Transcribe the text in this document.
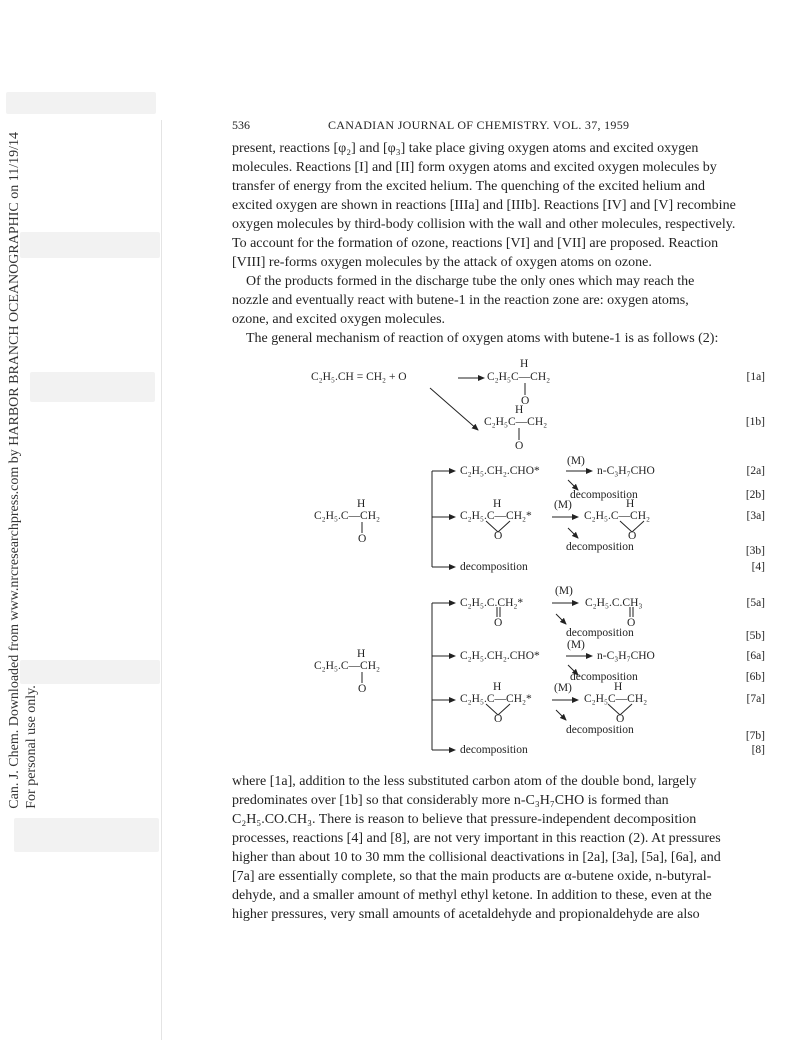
Can. J. Chem. Downloaded from www.nrcresearchpress.com by HARBOR BRANCH OCEANOGRAPHIC on 11/19/14 For personal use only.
536	CANADIAN JOURNAL OF CHEMISTRY. VOL. 37, 1959
present, reactions [φ₂] and [φ₃] take place giving oxygen atoms and excited oxygen
molecules. Reactions [I] and [II] form oxygen atoms and excited oxygen molecules by
transfer of energy from the excited helium. The quenching of the excited helium and
excited oxygen are shown in reactions [IIIa] and [IIIb]. Reactions [IV] and [V] recombine
oxygen molecules by third-body collision with the wall and other molecules, respectively.
To account for the formation of ozone, reactions [VI] and [VII] are proposed. Reaction
[VIII] re-forms oxygen molecules by the attack of oxygen atoms on ozone.
Of the products formed in the discharge tube the only ones which may reach the
nozzle and eventually react with butene-1 in the reaction zone are: oxygen atoms,
ozone, and excited oxygen molecules.
The general mechanism of reaction of oxygen atoms with butene-1 is as follows (2):
C₂H₅.CH = CH₂ + O
H
C₂H₅C—CH₂
O
[1a]
H
C₂H₅C—CH₂
O
[1b]
(M)
C₂H₅.CH₂.CHO*	n-C₃H₇CHO	[2a]
decomposition	[2b]
H
C₂H₅.C—CH₂
O
H	(M)	H
C₂H₅.C—CH₂*	C₂H₅.C—CH₂	[3a]
O	O
decomposition	[3b]
decomposition	[4]
(M)
C₂H₅.C.CH₂*	C₂H₅.C.CH₃	[5a]
O	O
decomposition	[5b]
(M)
H	C₂H₅.CH₂.CHO*	n-C₃H₇CHO	[6a]
C₂H₅.C—CH₂
O
decomposition	[6b]
H	(M)	H
C₂H₅.C—CH₂*	C₂H₅C—CH₂	[7a]
O	O
decomposition	[7b]
decomposition	[8]
where [1a], addition to the less substituted carbon atom of the double bond, largely
predominates over [1b] so that considerably more n-C₃H₇CHO is formed than
C₂H₅.CO.CH₃. There is reason to believe that pressure-independent decomposition
processes, reactions [4] and [8], are not very important in this reaction (2). At pressures
higher than about 10 to 30 mm the collisional deactivations in [2a], [3a], [5a], [6a], and
[7a] are essentially complete, so that the main products are α-butene oxide, n-butyral-
dehyde, and a smaller amount of methyl ethyl ketone. In addition to these, even at the
higher pressures, very small amounts of acetaldehyde and propionaldehyde are also
